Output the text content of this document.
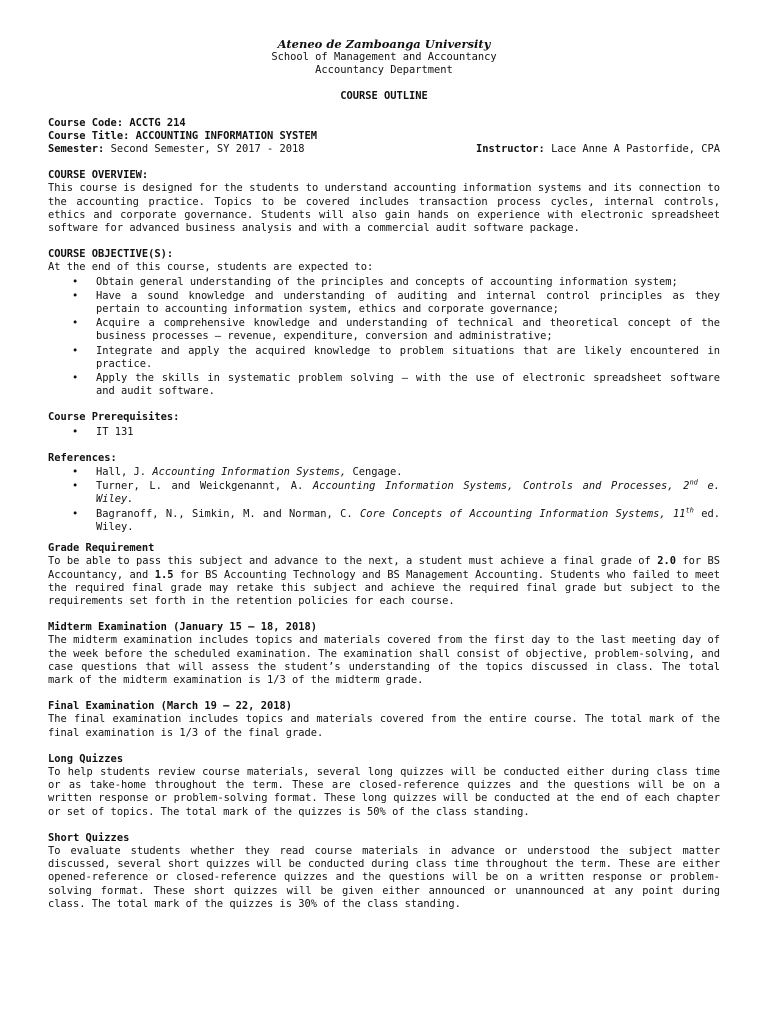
Ateneo de Zamboanga University
School of Management and Accountancy
Accountancy Department
COURSE OUTLINE
Course Code: ACCTG 214
Course Title: ACCOUNTING INFORMATION SYSTEM
Semester: Second Semester, SY 2017 - 2018	Instructor: Lace Anne A Pastorfide, CPA
COURSE OVERVIEW:

This course is designed for the students to understand accounting information systems and its connection to the accounting practice. Topics to be covered includes transaction process cycles, internal controls, ethics and corporate governance. Students will also gain hands on experience with electronic spreadsheet software for advanced business analysis and with a commercial audit software package.

COURSE OBJECTIVE(S):
At the end of this course, students are expected to:
• Obtain general understanding of the principles and concepts of accounting information system;
• Have a sound knowledge and understanding of auditing and internal control principles as they pertain to accounting information system, ethics and corporate governance;
• Acquire a comprehensive knowledge and understanding of technical and theoretical concept of the business processes – revenue, expenditure, conversion and administrative;
• Integrate and apply the acquired knowledge to problem situations that are likely encountered in practice.
• Apply the skills in systematic problem solving – with the use of electronic spreadsheet software and audit software.
Course Prerequisites:
• IT 131
References:
• Hall, J. Accounting Information Systems, Cengage.
• Turner, L. and Weickgenannt, A. Accounting Information Systems, Controls and Processes, 2nd e. Wiley.
• Bagranoff, N., Simkin, M. and Norman, C. Core Concepts of Accounting Information Systems, 11th ed. Wiley.
Grade Requirement

To be able to pass this subject and advance to the next, a student must achieve a final grade of 2.0 for BS Accountancy, and 1.5 for BS Accounting Technology and BS Management Accounting. Students who failed to meet the required final grade may retake this subject and achieve the required final grade but subject to the requirements set forth in the retention policies for each course.

Midterm Examination (January 15 – 18, 2018)

The midterm examination includes topics and materials covered from the first day to the last meeting day of the week before the scheduled examination. The examination shall consist of objective, problem-solving, and case questions that will assess the student’s understanding of the topics discussed in class. The total mark of the midterm examination is 1/3 of the midterm grade.

Final Examination (March 19 – 22, 2018)

The final examination includes topics and materials covered from the entire course. The total mark of the final examination is 1/3 of the final grade.

Long Quizzes

To help students review course materials, several long quizzes will be conducted either during class time or as take-home throughout the term. These are closed-reference quizzes and the questions will be on a written response or problem-solving format. These long quizzes will be conducted at the end of each chapter or set of topics. The total mark of the quizzes is 50% of the class standing.

Short Quizzes

To evaluate students whether they read course materials in advance or understood the subject matter discussed, several short quizzes will be conducted during class time throughout the term. These are either opened-reference or closed-reference quizzes and the questions will be on a written response or problem-solving format. These short quizzes will be given either announced or unannounced at any point during class. The total mark of the quizzes is 30% of the class standing.
